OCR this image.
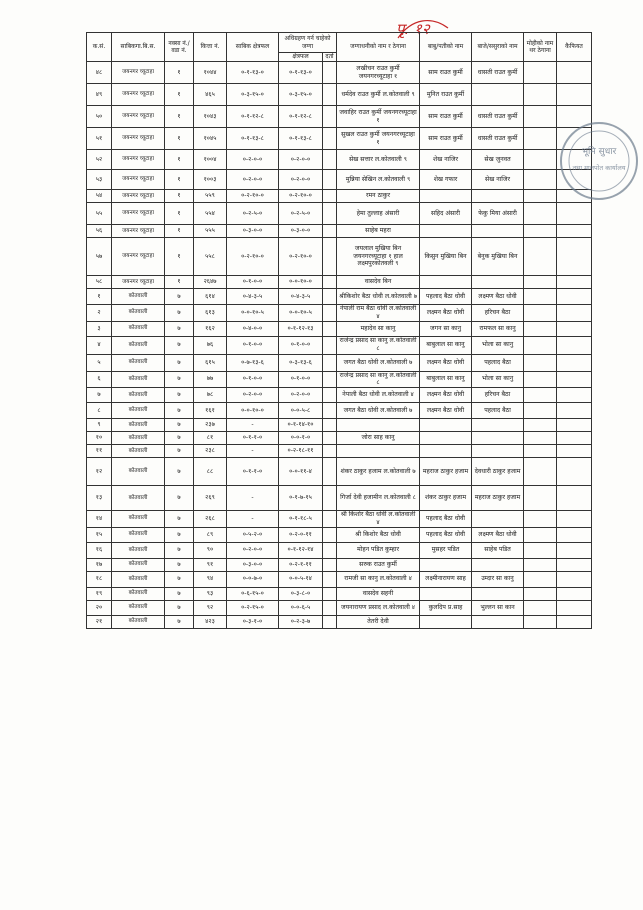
पृ. १२
क.सं.	साबिकगा.बि.स.	नक्सा नं./ वडा नं.	कित्ता नं.	साबिक क्षेत्रफल	अधिग्रहण गर्न चाहेको जग्गा		जग्गाधनीको नाम र ठेगाना	बाबु/पतीको नाम	बाजे/ससुराको नाम	मोहीको नाम थर ठेगाना	कैफियत
					क्षेत्रफल	दर्ता					
४८	जयनगर च्यूटाहा	१	१०४४	०-१-१३-०	०-१-१३-०		लखीचन राउत कुर्मी जयनगरच्यूटाहा १	साम राउत कुर्मी	धासती राउत कुर्मी		
४९	जयनगर च्यूटाहा	१	४६५	०-३-१५-०	०-३-१५-०		धर्मदेव राउत कुर्मी ल.कोतवाली ९	मुनित राउत कुर्मी			
५०	जयनगर च्यूटाहा	१	१०४३	०-१-१२-८	०-१-१२-८		जवाहिर राउत कुर्मी जयनगरच्यूटाहा १	साम राउत कुर्मी	धासती राउत कुर्मी		
५१	जयनगर च्यूटाहा	१	१०४५	०-१-१३-८	०-१-१३-८		सुखल राउत कुर्मी जयनगरच्यूटाहा १	साम राउत कुर्मी	धासती राउत कुर्मी		
५२	जयनगर च्यूटाहा	१	१००४	०-२-०-०	०-२-०-०		सेख सत्तार ल.कोतवाली ९	शेख नाजिर	सेख जुनवत		
५३	जयनगर च्यूटाहा	१	१००३	०-२-०-०	०-२-०-०		मुन्निया सेखिन ल.कोतवाली ९	शेख गफार	सेख नाजिर		
५४	जयनगर च्यूटाहा	१	५५९	०-२-१०-०	०-२-१०-०		रमन ठाकुर				
५५	जयनगर च्यूटाहा	१	५५४	०-२-५-०	०-२-५-०		हेमा तुल्लाह अंसारी	सहिद अंसारी	फेकु मिया अंसारी		
५६	जयनगर च्यूटाहा	१	५५५	०-३-०-०	०-३-०-०		साहेब महरा				
५७	जयनगर च्यूटाहा	१	५५८	०-२-१०-०	०-२-१०-०		जयलाल मुखिया बिन जयनगरच्यूटाहा १ हाल लक्ष्मपुरकोतवली ९	किसुन मुखिया बिन	बेनुक मुखिया बिन		
५८	जयनगर च्यूटाहा	१	२६४७	०-१-०-०	०-०-१०-०		वासदेव बिन				
१	कोतवाली	७	६१४	०-४-३-५	०-४-३-५		श्रीकिशोर बैठा धोवी ल.कोतवाली ७	पहलाद बैठा धोवी	लक्ष्मण बैठा धोवी		
२	कोतवाली	७	६१३	०-०-१०-५	०-०-१०-५		नेपाली राम बैठा धोवी ल.कोतवाली ४	लक्ष्मन बैठा धोवी	हरिचन बैठा		
३	कोतवाली	७	१६२	०-४-०-०	०-१-१२-१३		महादेव सा कानु	जगन सा कानु	रामफल सा कानु		
४	कोतवाली	७	७६	०-१-०-०	०-१-०-०		राजेन्द्र प्रसाद सा कानु ल.कोतवाली ८	बाबुलाल सा कानु	भोला सा कानु		
५	कोतवाली	७	६१५	०-७-१३-६	०-३-१३-६		जगत बैठा धोवी ल.कोतवाली ७	लक्ष्मन बैठा धोवी	पहलाद बैठा		
६	कोतवाली	७	७७	०-१-०-०	०-१-०-०		राजेन्द्र प्रसाद सा कानु ल.कोतवाली ८	बाबुलाल सा कानु	भोला सा कानु		
७	कोतवाली	७	७८	०-२-०-०	०-२-०-०		नेपाली बैठा धोवी ल.कोतवाली ४	लक्ष्मन बैठा धोवी	हरिचन बैठा		
८	कोतवाली	७	१६१	०-०-१०-०	०-०-५-८		जगत बैठा धोवी ल.कोतवाली ७	लक्ष्मन बैठा धोवी	पहलाद बैठा		
९	कोतवाली	७	२३७	-	०-१-१४-१०						
१०	कोतवाली	७	८१	०-१-१-०	०-०-१-०		जोरा साह कानु				
११	कोतवाली	७	२३८	-	०-२-१८-११						
१२	कोतवाली	७	८८	०-१-१-०	०-०-११-४		शंकर ठाकुर हजाम ल.कोतवाली ७	महराज ठाकुर हजाम	देवधारी ठाकुर हजाम		
१३	कोतवाली	७	२६९	-	०-१-७-१५		गिर्जा देवी हजामीन ल.कोतवाली ८	शंकर ठाकुर हजाम	महराज ठाकुर हजाम		
१४	कोतवाली	७	२६८	-	०-१-१८-५		श्री किशोर बैठा धोवी ल.कोतवाली ४	पहलाद बैठा धोवी			
१५	कोतवाली	७	८९	०-५-२-०	०-२-०-११		श्री किशोर बैठा धोवी	पहलाद बैठा धोवी	लक्ष्मण बैठा धोवी		
१६	कोतवाली	७	९०	०-२-०-०	०-१-१२-१४		मोहन पडित कुम्हार	मुसहर पडित	साहेब पडित		
१७	कोतवाली	७	९१	०-३-०-०	०-२-१-११		सरुक राउत कुर्मी				
१८	कोतवाली	७	९४	०-०-७-०	०-०-५-१४		रामजी सा कानु ल.कोतवाली ४	लक्ष्मीनारायण साह	उम्दार सा कानु		
१९	कोतवाली	७	९३	०-६-१५-०	०-३-८-०		वासदेव सहनी				
२०	कोतवाली	७	९२	०-२-१५-०	०-०-६-५		जयनारायण प्रसाद ल.कोतवाली ४	कुलदिप प्र.साह	भुल्लन सा कान		
२१	कोतवाली	७	४२३	०-३-१-०	०-२-३-७		तेतरी देवी				
भूमि सुधार
तथा मालपोत कार्यालय
